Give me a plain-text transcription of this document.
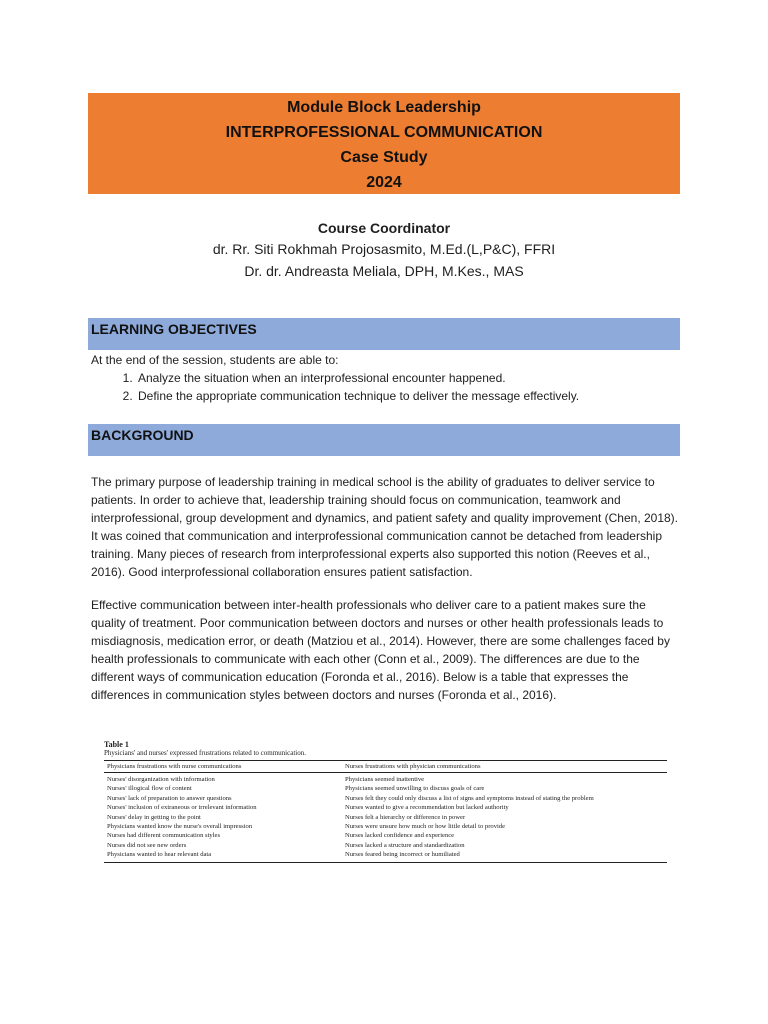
Module Block Leadership
INTERPROFESSIONAL COMMUNICATION
Case Study
2024
Course Coordinator
dr. Rr. Siti Rokhmah Projosasmito, M.Ed.(L,P&C), FFRI
Dr. dr. Andreasta Meliala, DPH, M.Kes., MAS
LEARNING OBJECTIVES
At the end of the session, students are able to:
1. Analyze the situation when an interprofessional encounter happened.
2. Define the appropriate communication technique to deliver the message effectively.
BACKGROUND
The primary purpose of leadership training in medical school is the ability of graduates to deliver service to patients. In order to achieve that, leadership training should focus on communication, teamwork and interprofessional, group development and dynamics, and patient safety and quality improvement (Chen, 2018). It was coined that communication and interprofessional communication cannot be detached from leadership training. Many pieces of research from interprofessional experts also supported this notion (Reeves et al., 2016). Good interprofessional collaboration ensures patient satisfaction.
Effective communication between inter-health professionals who deliver care to a patient makes sure the quality of treatment. Poor communication between doctors and nurses or other health professionals leads to misdiagnosis, medication error, or death (Matziou et al., 2014). However, there are some challenges faced by health professionals to communicate with each other (Conn et al., 2009). The differences are due to the different ways of communication education (Foronda et al., 2016). Below is a table that expresses the differences in communication styles between doctors and nurses (Foronda et al., 2016).
Table 1
Physicians' and nurses' expressed frustrations related to communication.
Physicians frustrations with nurse communications	Nurses frustrations with physician communications
Nurses' disorganization with information	Physicians seemed inattentive
Nurses' illogical flow of content	Physicians seemed unwilling to discuss goals of care
Nurses' lack of preparation to answer questions	Nurses felt they could only discuss a list of signs and symptoms instead of stating the problem
Nurses' inclusion of extraneous or irrelevant information	Nurses wanted to give a recommendation but lacked authority
Nurses' delay in getting to the point	Nurses felt a hierarchy or difference in power
Physicians wanted know the nurse's overall impression	Nurses were unsure how much or how little detail to provide
Nurses had different communication styles	Nurses lacked confidence and experience
Nurses did not see new orders	Nurses lacked a structure and standardization
Physicians wanted to hear relevant data	Nurses feared being incorrect or humiliated
